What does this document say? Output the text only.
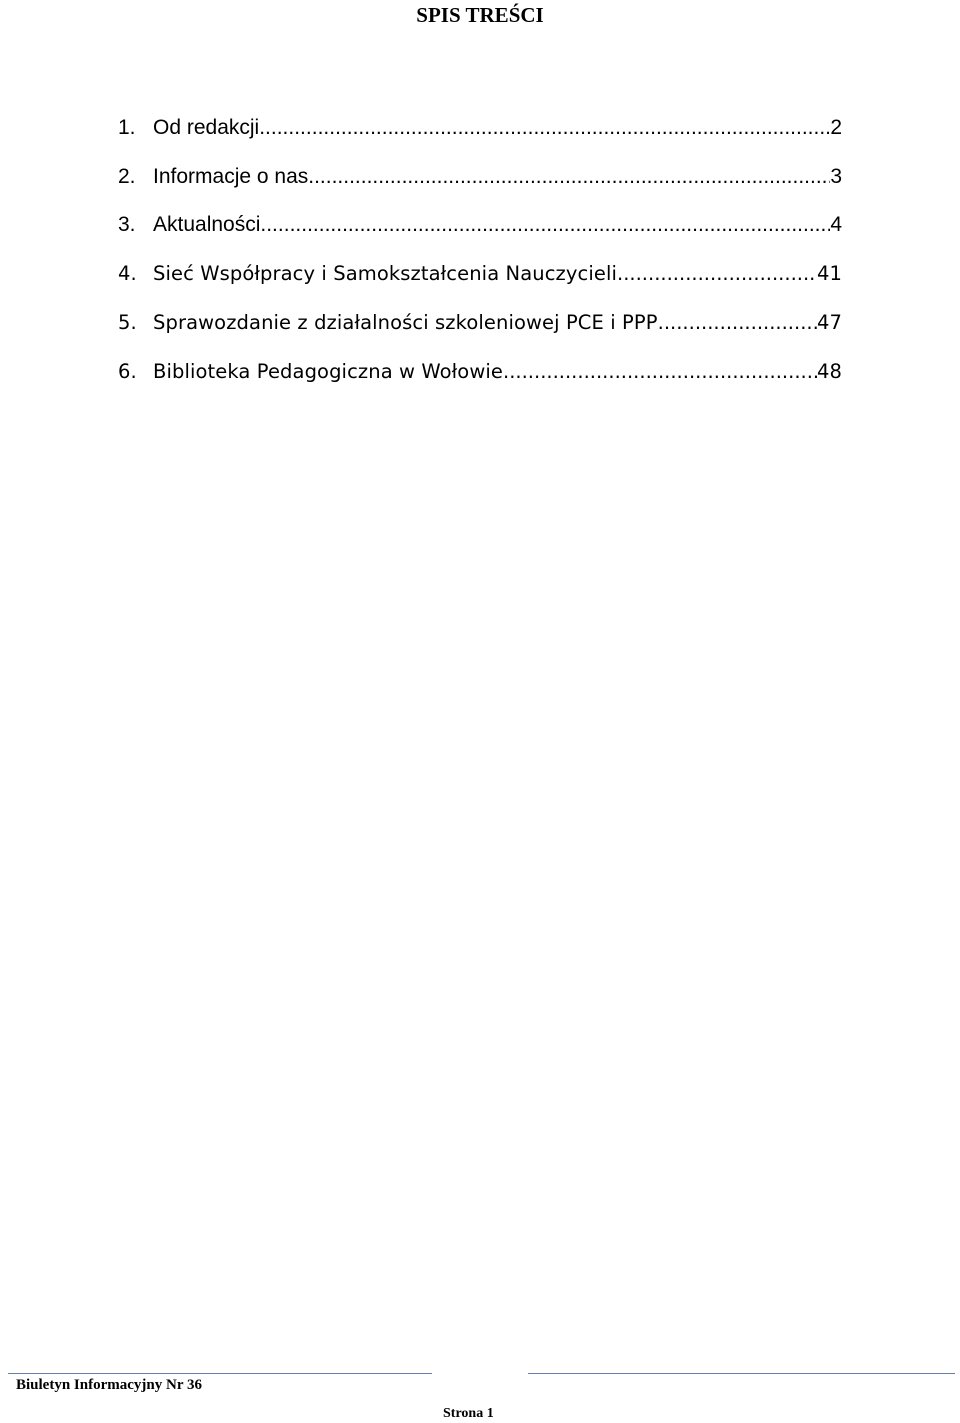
SPIS TREŚCI
1. Od redakcji .....	2
2. Informacje o nas .....	3
3. Aktualności .....	4
4. Sieć Współpracy i Samokształcenia Nauczycieli .....	41
5. Sprawozdanie z działalności szkoleniowej PCE i PPP .....	47
6. Biblioteka Pedagogiczna w Wołowie .....	48
Biuletyn Informacyjny Nr 36
Strona 1
